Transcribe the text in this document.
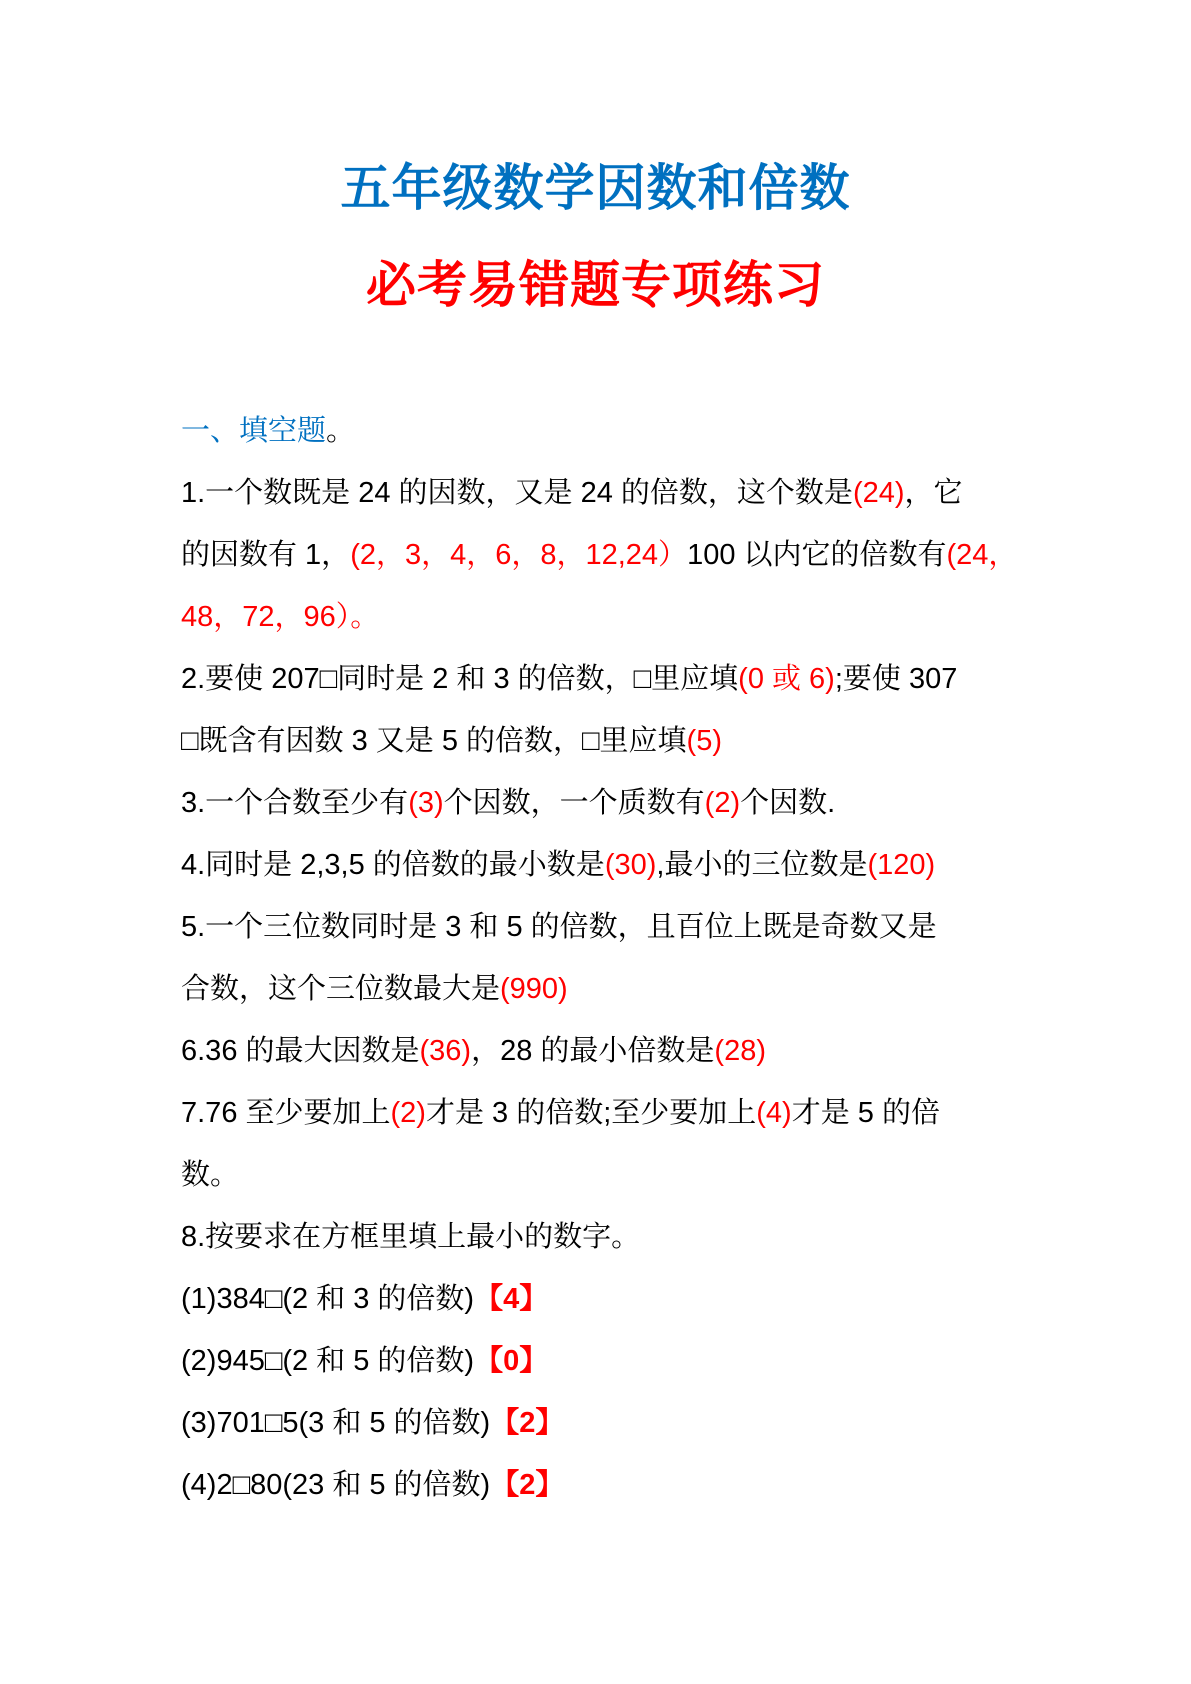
五年级数学因数和倍数
必考易错题专项练习
一、填空题。
1.一个数既是 24 的因数，又是 24 的倍数，这个数是(24)，它
的因数有 1，(2，3，4，6，8，12,24）100 以内它的倍数有(24，
48，72，96）。
2.要使 207□同时是 2 和 3 的倍数，□里应填(0 或 6);要使 307
□既含有因数 3 又是 5 的倍数，□里应填(5)
3.一个合数至少有(3)个因数，一个质数有(2)个因数.
4.同时是 2,3,5 的倍数的最小数是(30),最小的三位数是(120)
5.一个三位数同时是 3 和 5 的倍数，且百位上既是奇数又是
合数，这个三位数最大是(990)
6.36 的最大因数是(36)，28 的最小倍数是(28)
7.76 至少要加上(2)才是 3 的倍数;至少要加上(4)才是 5 的倍
数。
8.按要求在方框里填上最小的数字。
(1)384□(2 和 3 的倍数)【4】
(2)945□(2 和 5 的倍数)【0】
(3)701□5(3 和 5 的倍数)【2】
(4)2□80(23 和 5 的倍数)【2】
